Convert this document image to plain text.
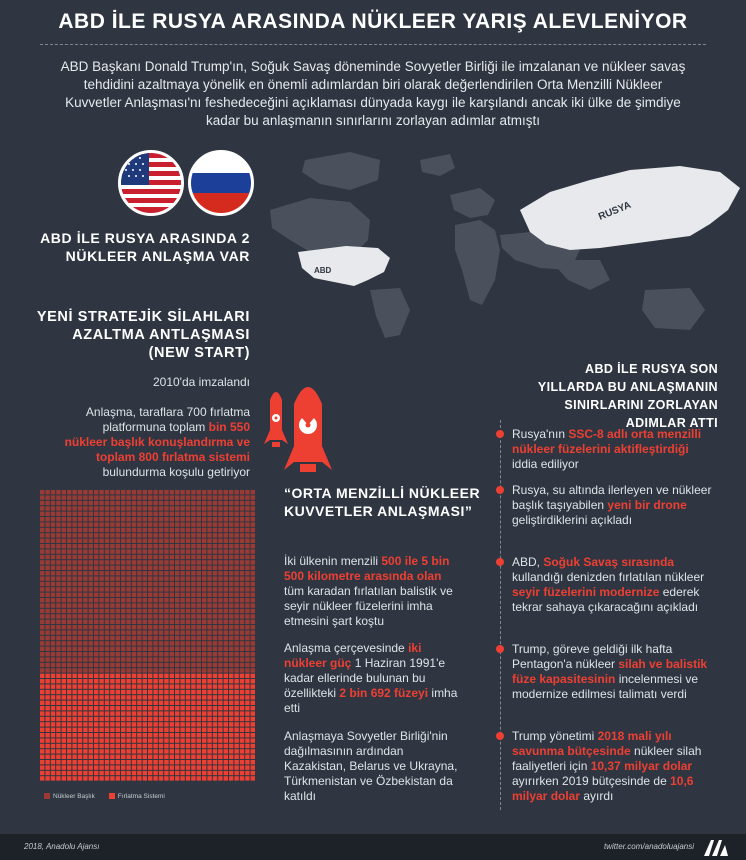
ABD İLE RUSYA ARASINDA NÜKLEER YARIŞ ALEVLENİYOR
ABD Başkanı Donald Trump'ın, Soğuk Savaş döneminde Sovyetler Birliği ile imzalanan ve nükleer savaş tehdidini azaltmaya yönelik en önemli adımlardan biri olarak değerlendirilen Orta Menzilli Nükleer Kuvvetler Anlaşması'nı feshedeceğini açıklaması dünyada kaygı ile karşılandı ancak iki ülke de şimdiye kadar bu anlaşmanın sınırlarını zorlayan adımlar atmıştı
ABD
RUSYA
ABD İLE RUSYA ARASINDA 2 NÜKLEER ANLAŞMA VAR
YENİ STRATEJİK SİLAHLARI AZALTMA ANTLAŞMASI (NEW START)
2010'da imzalandı
Anlaşma, taraflara 700 fırlatma platformuna toplam bin 550 nükleer başlık konuşlandırma ve toplam 800 fırlatma sistemi bulundurma koşulu getiriyor
Nükleer Başlık	Fırlatma Sistemi
“ORTA MENZİLLİ NÜKLEER KUVVETLER ANLAŞMASI”
İki ülkenin menzili 500 ile 5 bin 500 kilometre arasında olan tüm karadan fırlatılan balistik ve seyir nükleer füzelerini imha etmesini şart koştu
Anlaşma çerçevesinde iki nükleer güç 1 Haziran 1991'e kadar ellerinde bulunan bu özellikteki 2 bin 692 füzeyi imha etti
Anlaşmaya Sovyetler Birliği'nin dağılmasının ardından Kazakistan, Belarus ve Ukrayna, Türkmenistan ve Özbekistan da katıldı
ABD İLE RUSYA SON YILLARDA BU ANLAŞMANIN SINIRLARINI ZORLAYAN ADIMLAR ATTI
Rusya'nın SSC-8 adlı orta menzilli nükleer füzelerini aktifleştirdiği iddia ediliyor
Rusya, su altında ilerleyen ve nükleer başlık taşıyabilen yeni bir drone geliştirdiklerini açıkladı
ABD, Soğuk Savaş sırasında kullandığı denizden fırlatılan nükleer seyir füzelerini modernize ederek tekrar sahaya çıkaracağını açıkladı
Trump, göreve geldiği ilk hafta Pentagon'a nükleer silah ve balistik füze kapasitesinin incelenmesi ve modernize edilmesi talimatı verdi
Trump yönetimi 2018 mali yılı savunma bütçesinde nükleer silah faaliyetleri için 10,37 milyar dolar ayırırken 2019 bütçesinde de 10,6 milyar dolar ayırdı
2018, Anadolu Ajansı	twitter.com/anadoluajansi
